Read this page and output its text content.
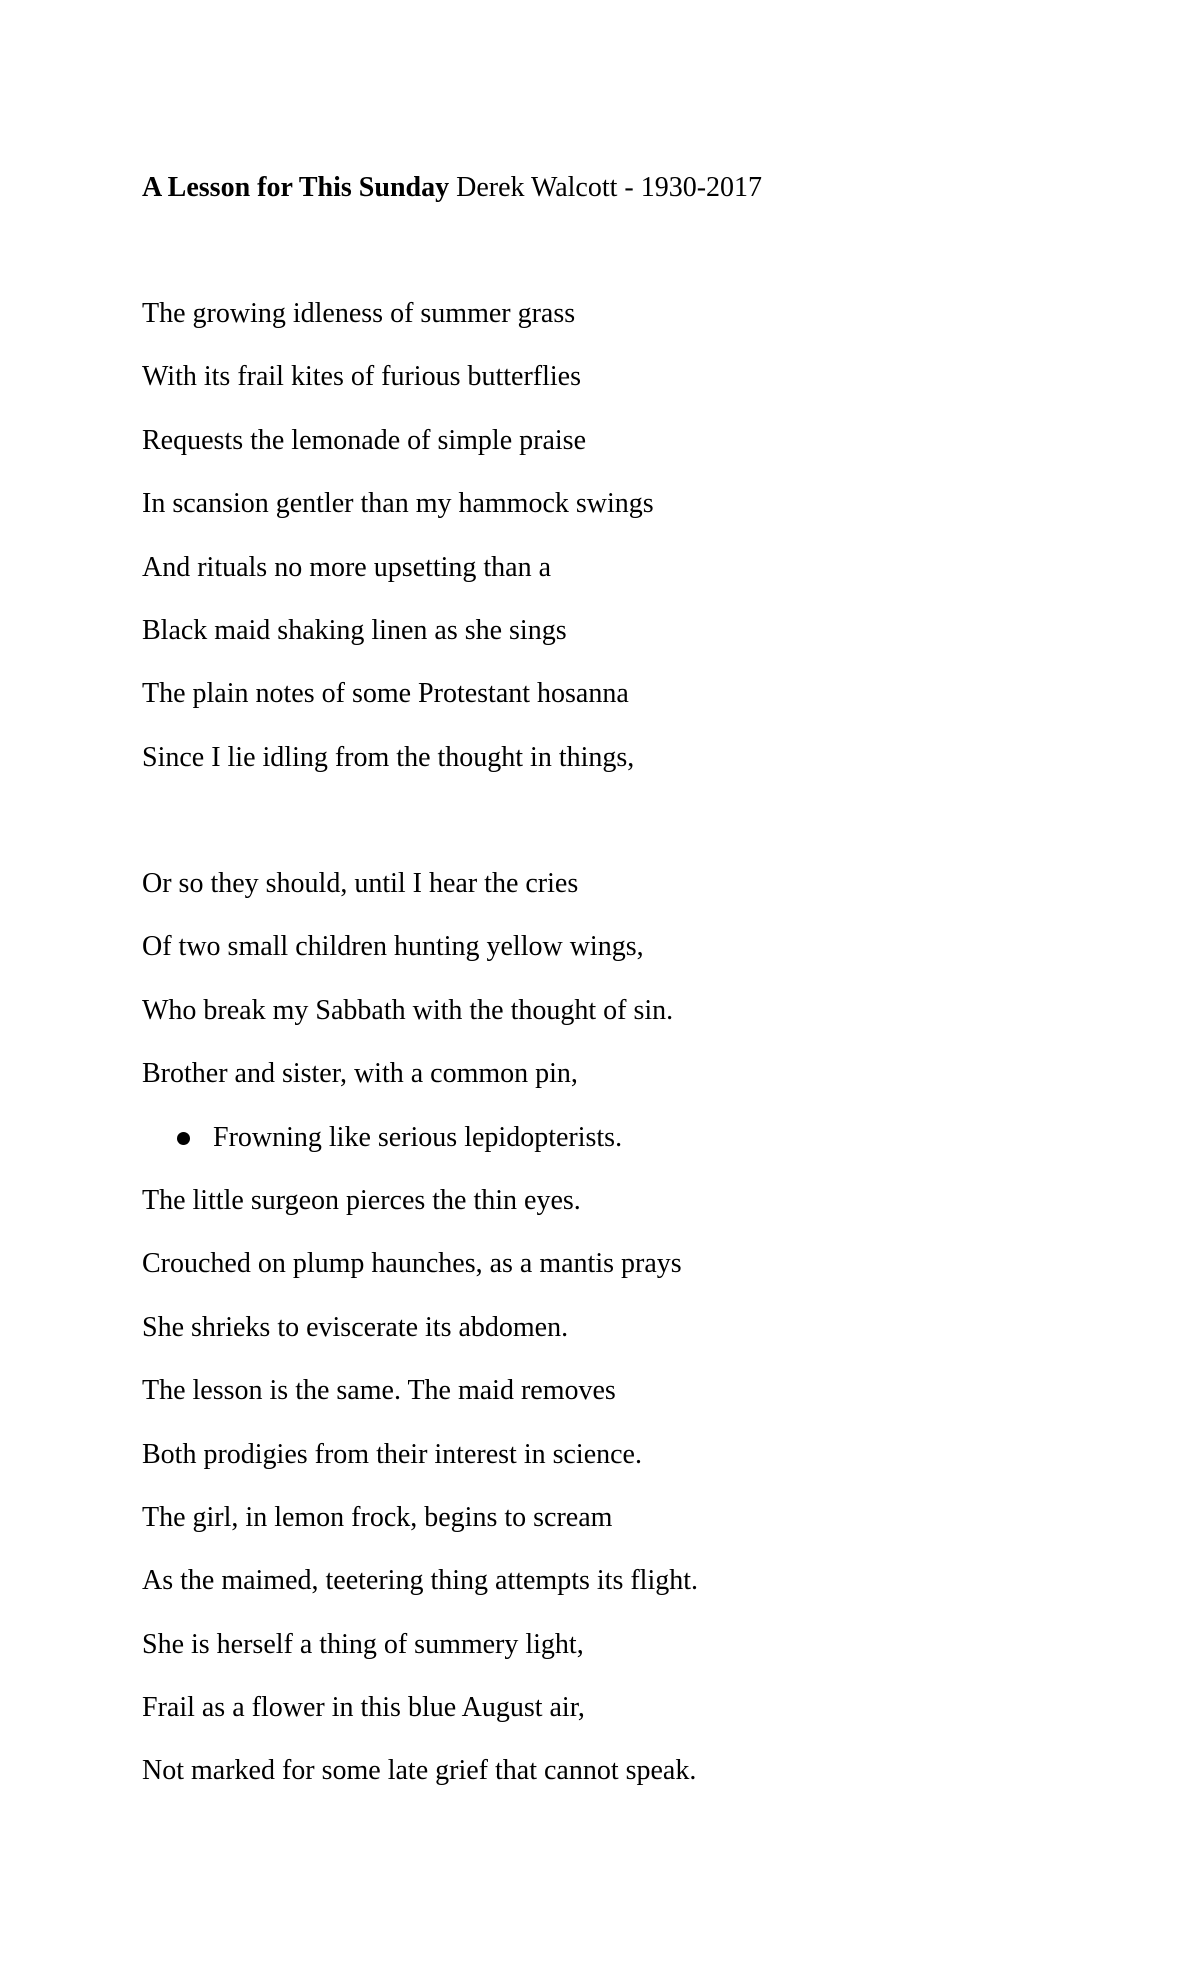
A Lesson for This Sunday Derek Walcott - 1930-2017
The growing idleness of summer grass
With its frail kites of furious butterflies
Requests the lemonade of simple praise
In scansion gentler than my hammock swings
And rituals no more upsetting than a
Black maid shaking linen as she sings
The plain notes of some Protestant hosanna
Since I lie idling from the thought in things,
Or so they should, until I hear the cries
Of two small children hunting yellow wings,
Who break my Sabbath with the thought of sin.
Brother and sister, with a common pin,
Frowning like serious lepidopterists.
The little surgeon pierces the thin eyes.
Crouched on plump haunches, as a mantis prays
She shrieks to eviscerate its abdomen.
The lesson is the same. The maid removes
Both prodigies from their interest in science.
The girl, in lemon frock, begins to scream
As the maimed, teetering thing attempts its flight.
She is herself a thing of summery light,
Frail as a flower in this blue August air,
Not marked for some late grief that cannot speak.
